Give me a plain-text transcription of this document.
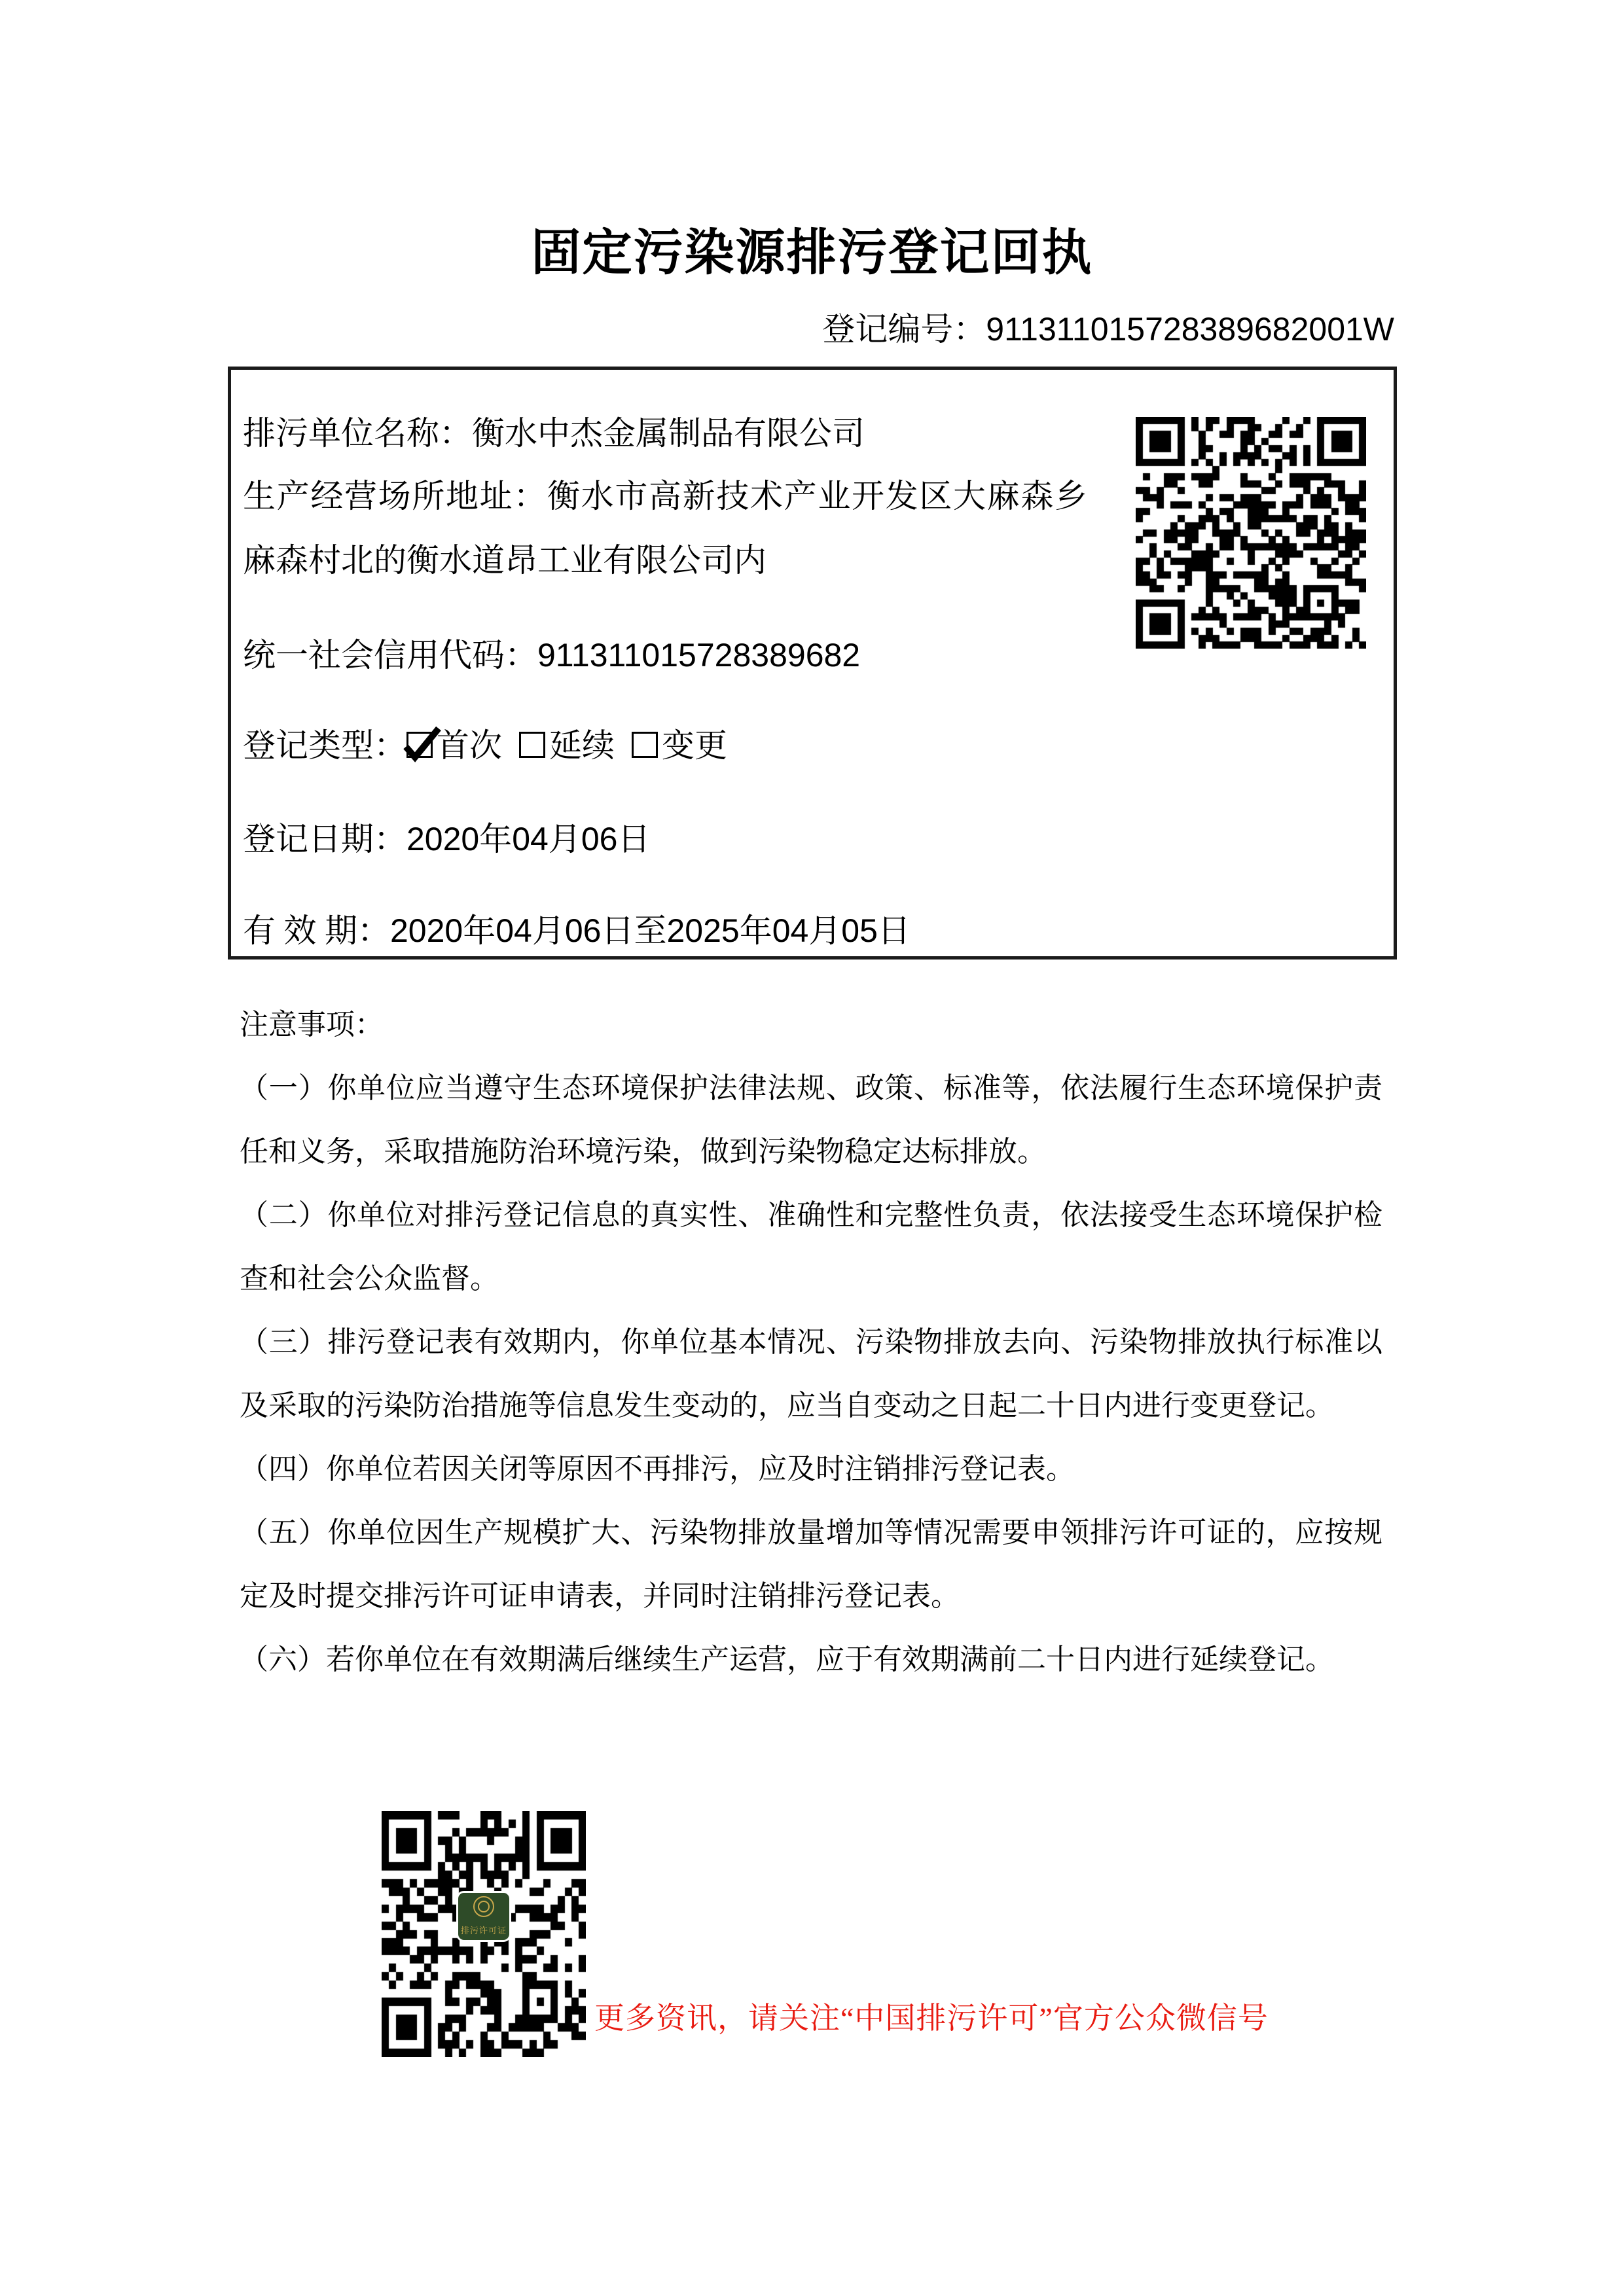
固定污染源排污登记回执
登记编号：911311015728389682001W
排污单位名称：衡水中杰金属制品有限公司
生产经营场所地址：衡水市高新技术产业开发区大麻森乡麻森村北的衡水道昂工业有限公司内
统一社会信用代码：911311015728389682
登记类型： 首次 延续 变更
登记日期：2020年04月06日
有 效 期：2020年04月06日至2025年04月05日
注意事项：

（一）你单位应当遵守生态环境保护法律法规、政策、标准等，依法履行生态环境保护责任和义务，采取措施防治环境污染，做到污染物稳定达标排放。

（二）你单位对排污登记信息的真实性、准确性和完整性负责，依法接受生态环境保护检查和社会公众监督。

（三）排污登记表有效期内，你单位基本情况、污染物排放去向、污染物排放执行标准以及采取的污染防治措施等信息发生变动的，应当自变动之日起二十日内进行变更登记。

（四）你单位若因关闭等原因不再排污，应及时注销排污登记表。

（五）你单位因生产规模扩大、污染物排放量增加等情况需要申领排污许可证的，应按规定及时提交排污许可证申请表，并同时注销排污登记表。

（六）若你单位在有效期满后继续生产运营，应于有效期满前二十日内进行延续登记。

排污许可证
更多资讯，请关注“中国排污许可”官方公众微信号
